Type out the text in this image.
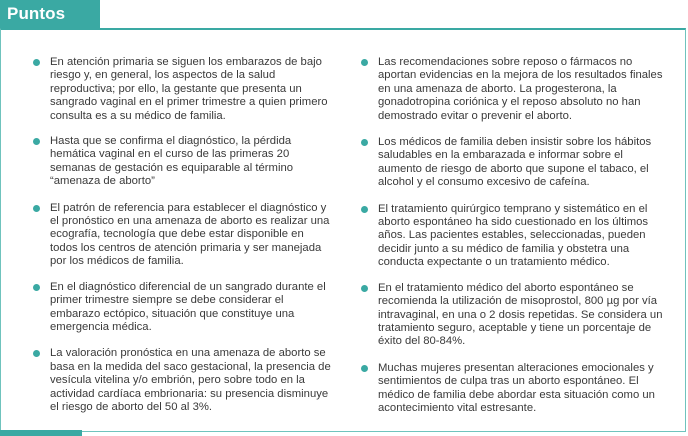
Puntos clave
En atención primaria se siguen los embarazos de bajo riesgo y, en general, los aspectos de la salud reproductiva; por ello, la gestante que presenta un sangrado vaginal en el primer trimestre a quien primero consulta es a su médico de familia.
Hasta que se confirma el diagnóstico, la pérdida hemática vaginal en el curso de las primeras 20 semanas de gestación es equiparable al término “amenaza de aborto”
El patrón de referencia para establecer el diagnóstico y el pronóstico en una amenaza de aborto es realizar una ecografía, tecnología que debe estar disponible en todos los centros de atención primaria y ser manejada por los médicos de familia.
En el diagnóstico diferencial de un sangrado durante el primer trimestre siempre se debe considerar el embarazo ectópico, situación que constituye una emergencia médica.
La valoración pronóstica en una amenaza de aborto se basa en la medida del saco gestacional, la presencia de vesícula vitelina y/o embrión, pero sobre todo en la actividad cardíaca embrionaria: su presencia disminuye el riesgo de aborto del 50 al 3%.
Las recomendaciones sobre reposo o fármacos no aportan evidencias en la mejora de los resultados finales en una amenaza de aborto. La progesterona, la gonadotropina coriónica y el reposo absoluto no han demostrado evitar o prevenir el aborto.
Los médicos de familia deben insistir sobre los hábitos saludables en la embarazada e informar sobre el aumento de riesgo de aborto que supone el tabaco, el alcohol y el consumo excesivo de cafeína.
El tratamiento quirúrgico temprano y sistemático en el aborto espontáneo ha sido cuestionado en los últimos años. Las pacientes estables, seleccionadas, pueden decidir junto a su médico de familia y obstetra una conducta expectante o un tratamiento médico.
En el tratamiento médico del aborto espontáneo se recomienda la utilización de misoprostol, 800 µg por vía intravaginal, en una o 2 dosis repetidas. Se considera un tratamiento seguro, aceptable y tiene un porcentaje de éxito del 80-84%.
Muchas mujeres presentan alteraciones emocionales y sentimientos de culpa tras un aborto espontáneo. El médico de familia debe abordar esta situación como un acontecimiento vital estresante.
